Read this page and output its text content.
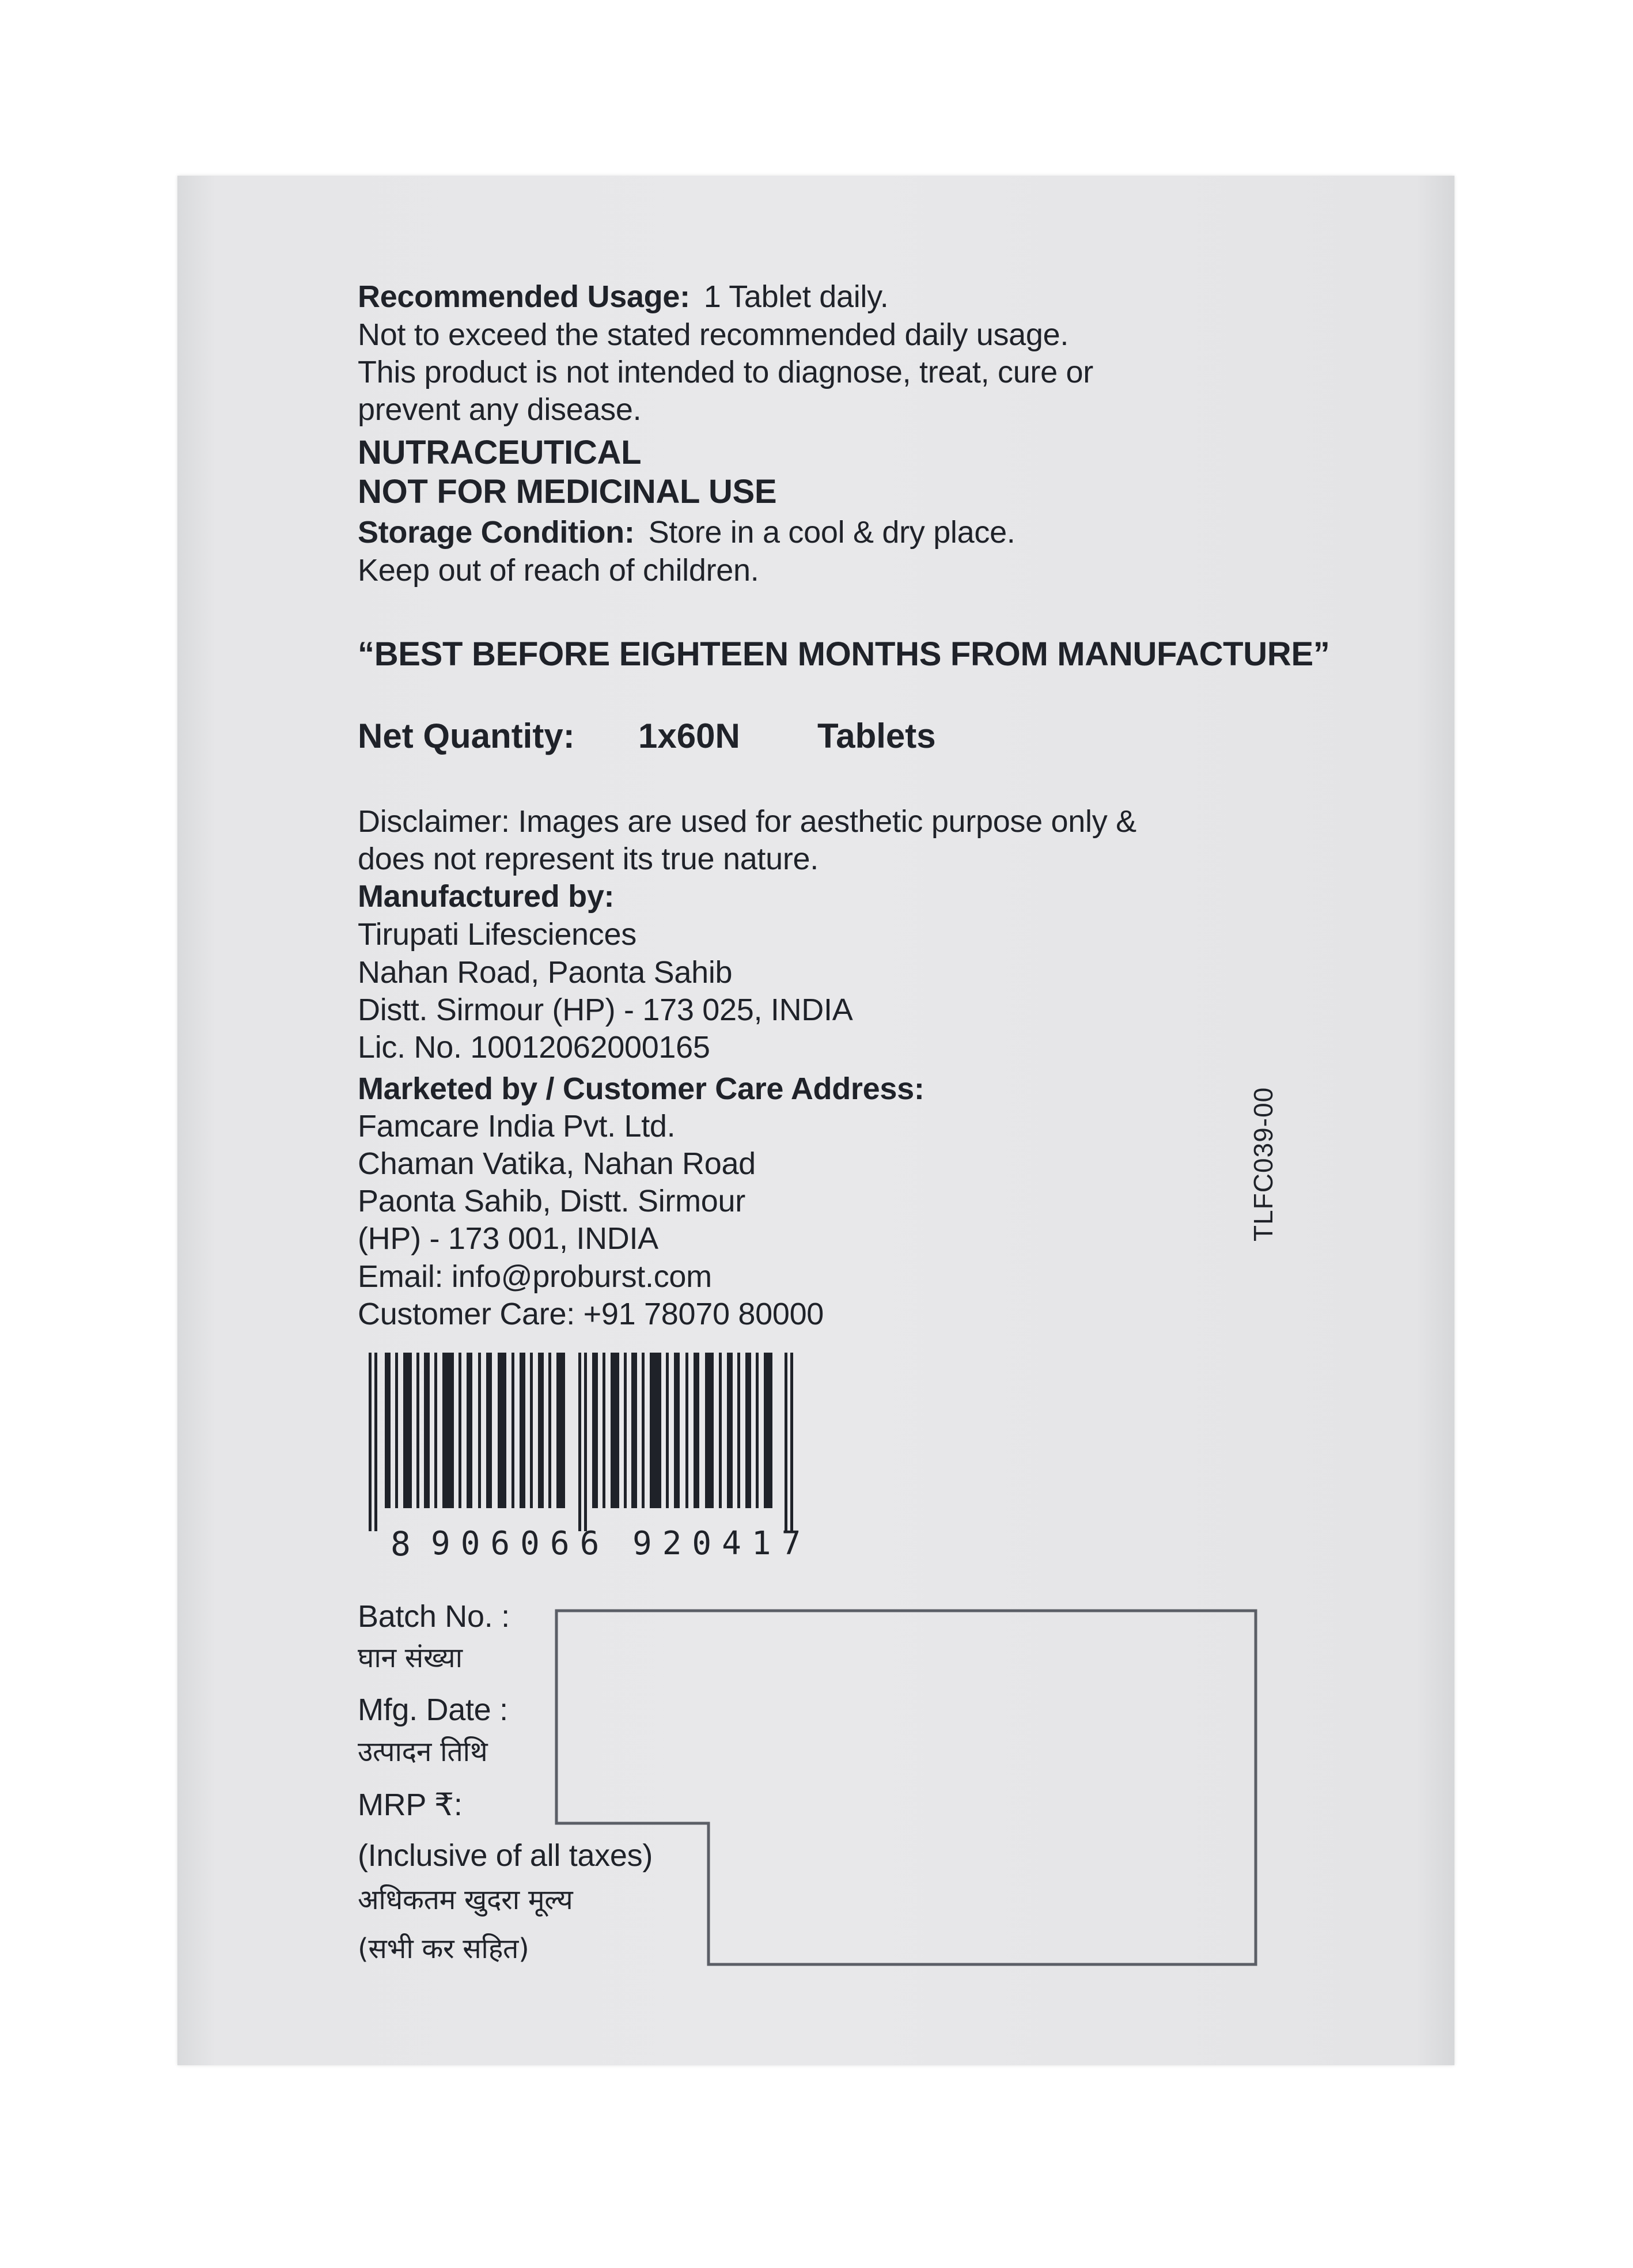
Recommended Usage: 1 Tablet daily.
Not to exceed the stated recommended daily usage.
This product is not intended to diagnose, treat, cure or
prevent any disease.
NUTRACEUTICAL
NOT FOR MEDICINAL USE
Storage Condition: Store in a cool & dry place.
Keep out of reach of children.
“BEST BEFORE EIGHTEEN MONTHS FROM MANUFACTURE”
Net Quantity: 1x60N Tablets
Disclaimer: Images are used for aesthetic purpose only &
does not represent its true nature.
Manufactured by:
Tirupati Lifesciences
Nahan Road, Paonta Sahib
Distt. Sirmour (HP) - 173 025, INDIA
Lic. No. 10012062000165
Marketed by / Customer Care Address:
Famcare India Pvt. Ltd.
Chaman Vatika, Nahan Road
Paonta Sahib, Distt. Sirmour
(HP) - 173 001, INDIA
Email: info@proburst.com
Customer Care: +91 78070 80000
TLFC039-00
8 906066 920417
Batch No. :
घान संख्या
Mfg. Date :
उत्पादन तिथि
MRP ₹:
(Inclusive of all taxes)
अधिकतम खुदरा मूल्य
(सभी कर सहित)
